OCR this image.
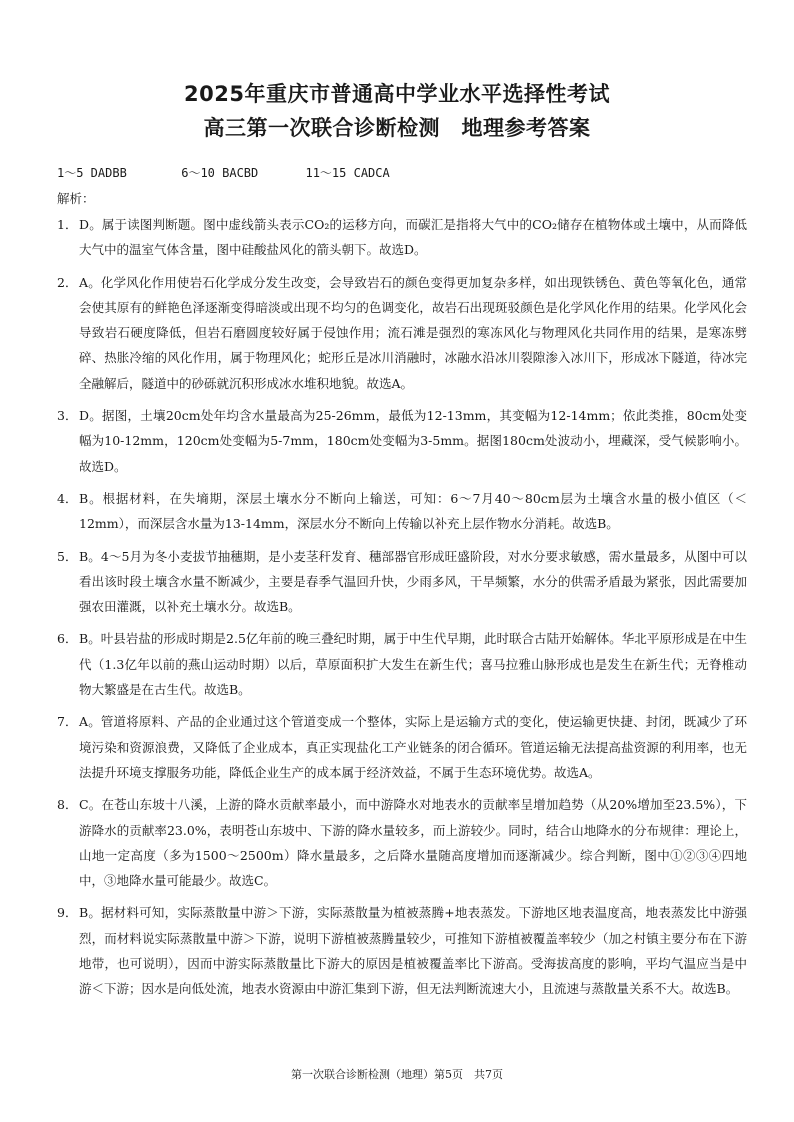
2025年重庆市普通高中学业水平选择性考试
高三第一次联合诊断检测　地理参考答案
1～5 DADBB	6～10 BACBD	11～15 CADCA
解析：
1． D。属于读图判断题。图中虚线箭头表示CO₂的运移方向，而碳汇是指将大气中的CO₂储存在植物体或土壤中，从而降低大气中的温室气体含量，图中硅酸盐风化的箭头朝下。故选D。
2． A。化学风化作用使岩石化学成分发生改变，会导致岩石的颜色变得更加复杂多样，如出现铁锈色、黄色等氧化色，通常会使其原有的鲜艳色泽逐渐变得暗淡或出现不均匀的色调变化，故岩石出现斑驳颜色是化学风化作用的结果。化学风化会导致岩石硬度降低，但岩石磨圆度较好属于侵蚀作用；流石滩是强烈的寒冻风化与物理风化共同作用的结果，是寒冻劈碎、热胀冷缩的风化作用，属于物理风化；蛇形丘是冰川消融时，冰融水沿冰川裂隙渗入冰川下，形成冰下隧道，待冰完全融解后，隧道中的砂砾就沉积形成冰水堆积地貌。故选A。
3． D。据图，土壤20cm处年均含水量最高为25-26mm，最低为12-13mm，其变幅为12-14mm；依此类推，80cm处变幅为10-12mm，120cm处变幅为5-7mm，180cm处变幅为3-5mm。据图180cm处波动小，埋藏深，受气候影响小。故选D。
4． B。根据材料，在失墒期，深层土壤水分不断向上输送，可知：6～7月40～80cm层为土壤含水量的极小值区（＜12mm），而深层含水量为13-14mm，深层水分不断向上传输以补充上层作物水分消耗。故选B。
5． B。4～5月为冬小麦拔节抽穗期，是小麦茎秆发育、穗部器官形成旺盛阶段，对水分要求敏感，需水量最多，从图中可以看出该时段土壤含水量不断减少，主要是春季气温回升快，少雨多风，干旱频繁，水分的供需矛盾最为紧张，因此需要加强农田灌溉，以补充土壤水分。故选B。
6． B。叶县岩盐的形成时期是2.5亿年前的晚三叠纪时期，属于中生代早期，此时联合古陆开始解体。华北平原形成是在中生代（1.3亿年以前的燕山运动时期）以后，草原面积扩大发生在新生代；喜马拉雅山脉形成也是发生在新生代；无脊椎动物大繁盛是在古生代。故选B。
7． A。管道将原料、产品的企业通过这个管道变成一个整体，实际上是运输方式的变化，使运输更快捷、封闭，既减少了环境污染和资源浪费，又降低了企业成本，真正实现盐化工产业链条的闭合循环。管道运输无法提高盐资源的利用率，也无法提升环境支撑服务功能，降低企业生产的成本属于经济效益，不属于生态环境优势。故选A。
8． C。在苍山东坡十八溪，上游的降水贡献率最小，而中游降水对地表水的贡献率呈增加趋势（从20%增加至23.5%），下游降水的贡献率23.0%，表明苍山东坡中、下游的降水量较多，而上游较少。同时，结合山地降水的分布规律：理论上，山地一定高度（多为1500～2500m）降水量最多，之后降水量随高度增加而逐渐减少。综合判断，图中①②③④四地中，③地降水量可能最少。故选C。
9． B。据材料可知，实际蒸散量中游＞下游，实际蒸散量为植被蒸腾+地表蒸发。下游地区地表温度高，地表蒸发比中游强烈，而材料说实际蒸散量中游＞下游，说明下游植被蒸腾量较少，可推知下游植被覆盖率较少（加之村镇主要分布在下游地带，也可说明），因而中游实际蒸散量比下游大的原因是植被覆盖率比下游高。受海拔高度的影响，平均气温应当是中游＜下游；因水是向低处流，地表水资源由中游汇集到下游，但无法判断流速大小，且流速与蒸散量关系不大。故选B。
第一次联合诊断检测（地理）第5页　共7页
